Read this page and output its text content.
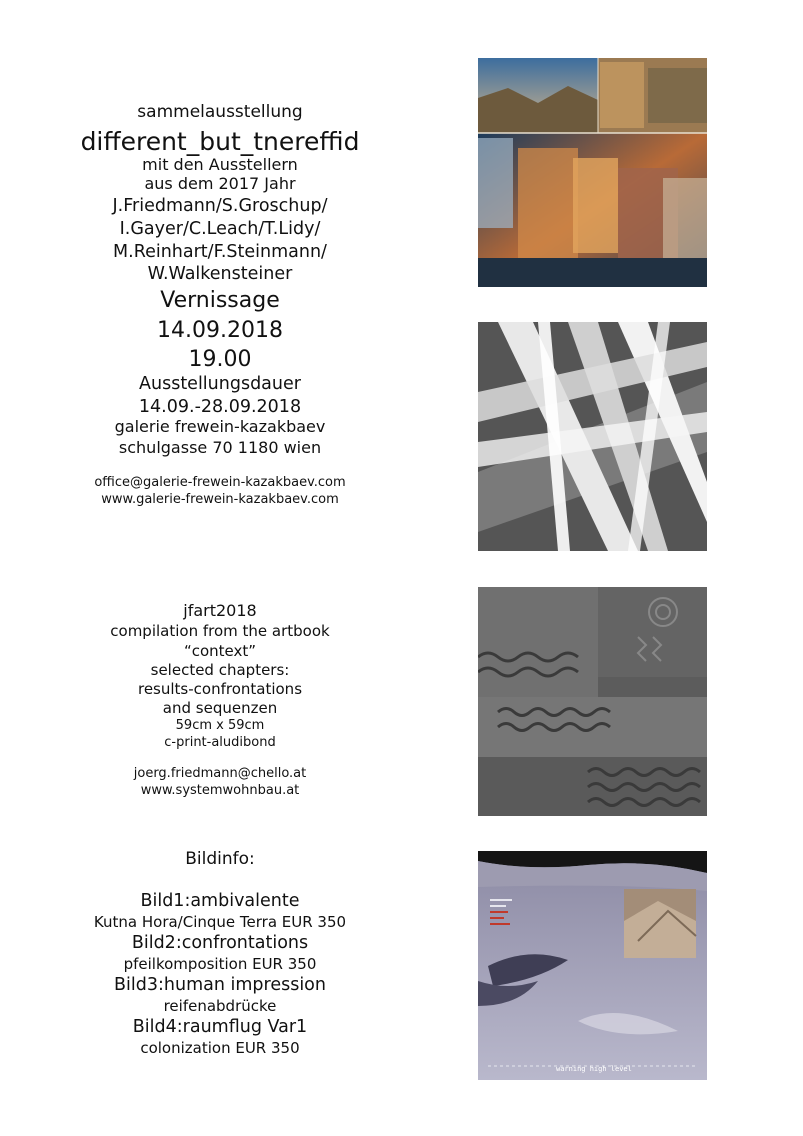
sammelausstellung
different_but_tnereffid
mit den Ausstellern
aus dem 2017 Jahr
J.Friedmann/S.Groschup/
I.Gayer/C.Leach/T.Lidy/
M.Reinhart/F.Steinmann/
W.Walkensteiner
Vernissage
14.09.2018
19.00
Ausstellungsdauer
14.09.-28.09.2018
galerie frewein-kazakbaev
schulgasse 70 1180 wien
office@galerie-frewein-kazakbaev.com
www.galerie-frewein-kazakbaev.com
jfart2018
compilation from the artbook
“context”
selected chapters:
results-confrontations
and sequenzen
59cm x 59cm
c-print-aludibond
joerg.friedmann@chello.at
www.systemwohnbau.at
Bildinfo:
Bild1:ambivalente
Kutna Hora/Cinque Terra EUR 350
Bild2:confrontations
pfeilkomposition EUR 350
Bild3:human impression
reifenabdrücke
Bild4:raumflug Var1
colonization EUR 350
warning high level
